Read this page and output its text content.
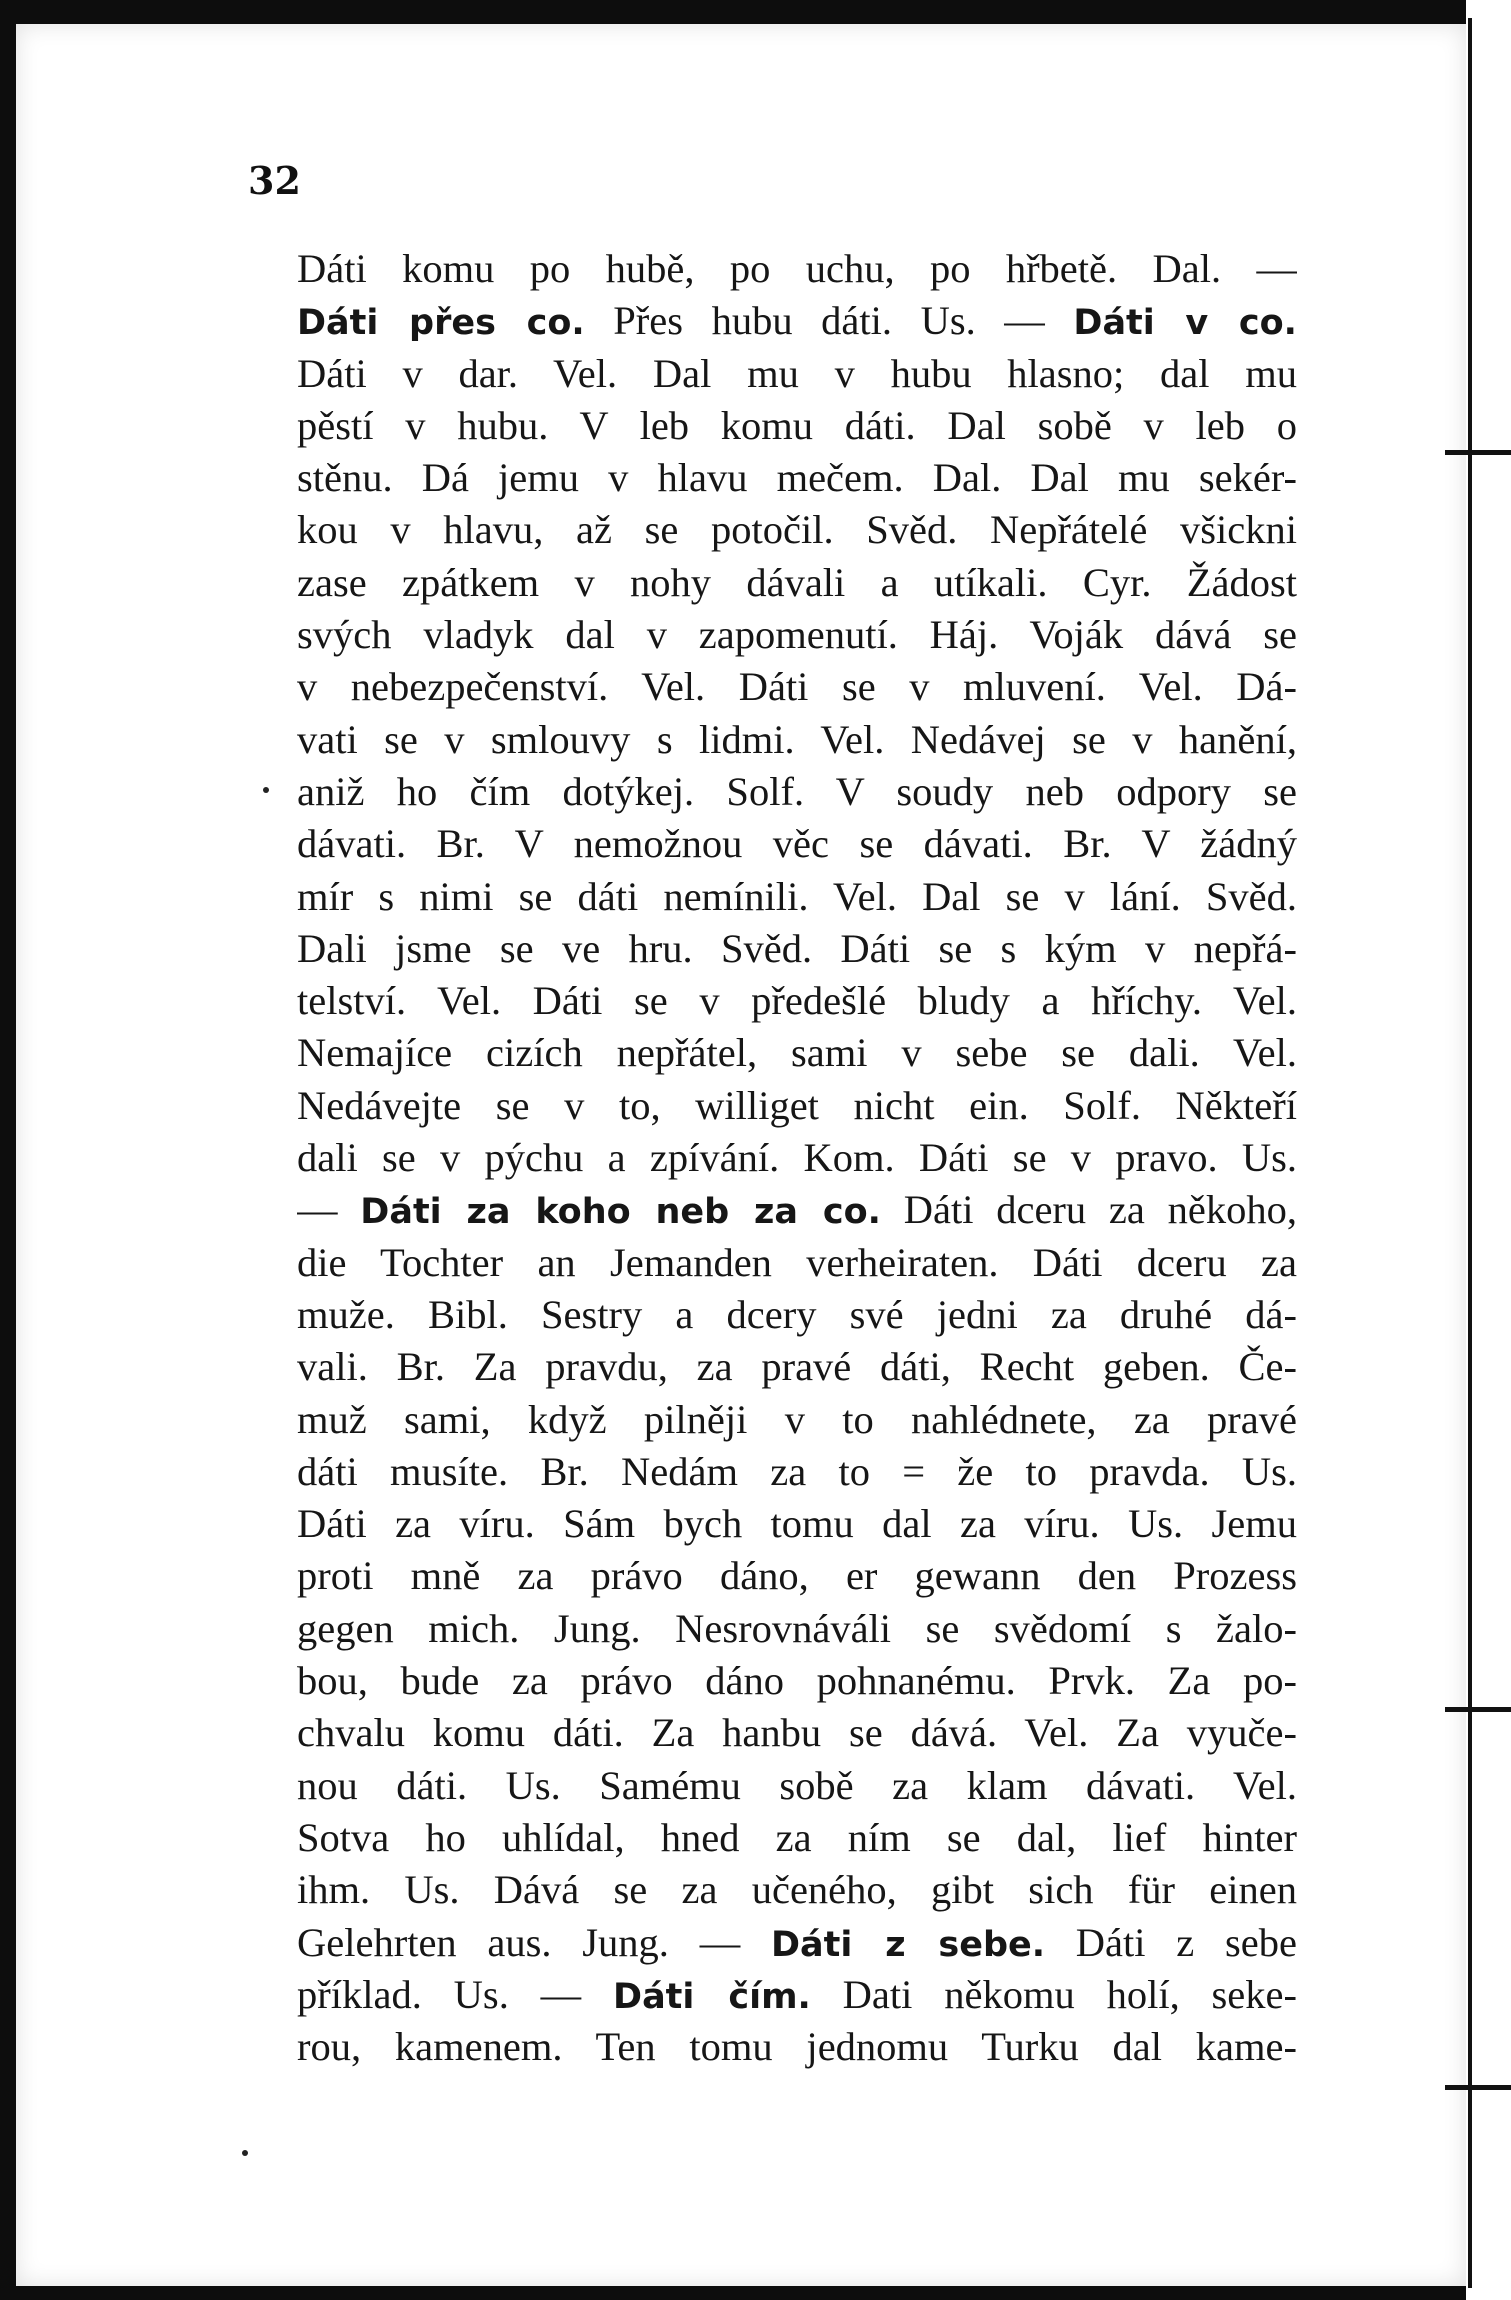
32

Dáti komu po hubě, po uchu, po hřbetě. Dal. —
Dáti přes co. Přes hubu dáti. Us. — Dáti v co.
Dáti v dar. Vel. Dal mu v hubu hlasno; dal mu
pěstí v hubu. V leb komu dáti. Dal sobě v leb o
stěnu. Dá jemu v hlavu mečem. Dal. Dal mu sekér-
kou v hlavu, až se potočil. Svěd. Nepřátelé všickni
zase zpátkem v nohy dávali a utíkali. Cyr. Žádost
svých vladyk dal v zapomenutí. Háj. Voják dává se
v nebezpečenství. Vel. Dáti se v mluvení. Vel. Dá-
vati se v smlouvy s lidmi. Vel. Nedávej se v hanění,
aniž ho čím dotýkej. Solf. V soudy neb odpory se
dávati. Br. V nemožnou věc se dávati. Br. V žádný
mír s nimi se dáti nemínili. Vel. Dal se v lání. Svěd.
Dali jsme se ve hru. Svěd. Dáti se s kým v nepřá-
telství. Vel. Dáti se v předešlé bludy a hříchy. Vel.
Nemajíce cizích nepřátel, sami v sebe se dali. Vel.
Nedávejte se v to, williget nicht ein. Solf. Někteří
dali se v pýchu a zpívání. Kom. Dáti se v pravo. Us.
— Dáti za koho neb za co. Dáti dceru za někoho,
die Tochter an Jemanden verheiraten. Dáti dceru za
muže. Bibl. Sestry a dcery své jedni za druhé dá-
vali. Br. Za pravdu, za pravé dáti, Recht geben. Če-
muž sami, když pilněji v to nahlédnete, za pravé
dáti musíte. Br. Nedám za to = že to pravda. Us.
Dáti za víru. Sám bych tomu dal za víru. Us. Jemu
proti mně za právo dáno, er gewann den Prozess
gegen mich. Jung. Nesrovnáváli se svědomí s žalo-
bou, bude za právo dáno pohnanému. Prvk. Za po-
chvalu komu dáti. Za hanbu se dává. Vel. Za vyuče-
nou dáti. Us. Samému sobě za klam dávati. Vel.
Sotva ho uhlídal, hned za ním se dal, lief hinter
ihm. Us. Dává se za učeného, gibt sich für einen
Gelehrten aus. Jung. — Dáti z sebe. Dáti z sebe
příklad. Us. — Dáti čím. Dati někomu holí, seke-
rou, kamenem. Ten tomu jednomu Turku dal kame-
